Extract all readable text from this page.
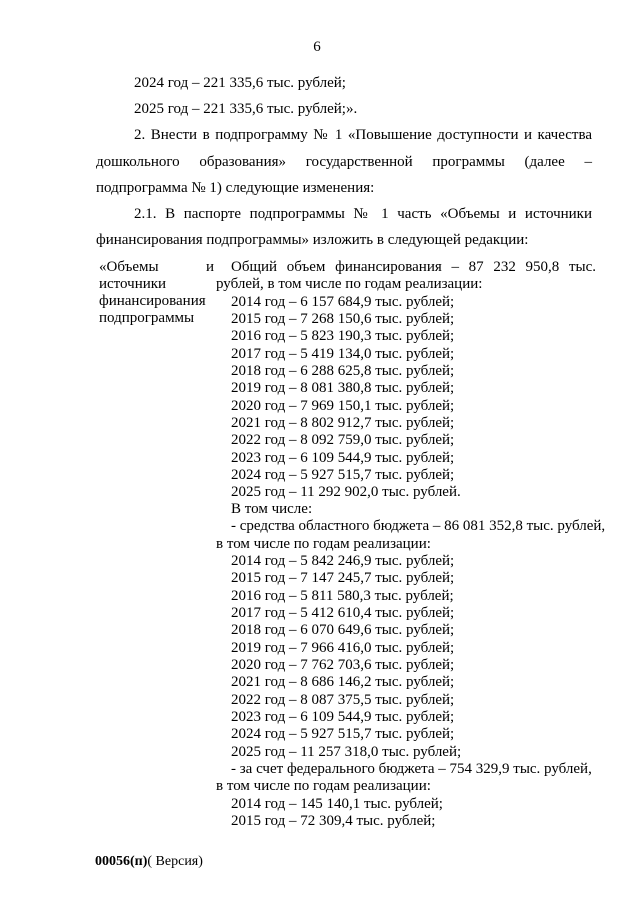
6
2024 год – 221 335,6 тыс. рублей;
2025 год – 221 335,6 тыс. рублей;».
2. Внести в подпрограмму № 1 «Повышение доступности и качества
дошкольного образования» государственной программы (далее –
подпрограмма № 1) следующие изменения:
2.1. В паспорте подпрограммы № 1 часть «Объемы и источники
финансирования подпрограммы» изложить в следующей редакции:
«Объемы	и
источники
финансирования
подпрограммы
Общий объем финансирования – 87 232 950,8 тыс.
рублей, в том числе по годам реализации:
2014 год – 6 157 684,9 тыс. рублей;
2015 год – 7 268 150,6 тыс. рублей;
2016 год – 5 823 190,3 тыс. рублей;
2017 год – 5 419 134,0 тыс. рублей;
2018 год – 6 288 625,8 тыс. рублей;
2019 год – 8 081 380,8 тыс. рублей;
2020 год – 7 969 150,1 тыс. рублей;
2021 год – 8 802 912,7 тыс. рублей;
2022 год – 8 092 759,0 тыс. рублей;
2023 год – 6 109 544,9 тыс. рублей;
2024 год – 5 927 515,7 тыс. рублей;
2025 год – 11 292 902,0 тыс. рублей.
В том числе:
- средства областного бюджета – 86 081 352,8 тыс. рублей,
в том числе по годам реализации:
2014 год – 5 842 246,9 тыс. рублей;
2015 год – 7 147 245,7 тыс. рублей;
2016 год – 5 811 580,3 тыс. рублей;
2017 год – 5 412 610,4 тыс. рублей;
2018 год – 6 070 649,6 тыс. рублей;
2019 год – 7 966 416,0 тыс. рублей;
2020 год – 7 762 703,6 тыс. рублей;
2021 год – 8 686 146,2 тыс. рублей;
2022 год – 8 087 375,5 тыс. рублей;
2023 год – 6 109 544,9 тыс. рублей;
2024 год – 5 927 515,7 тыс. рублей;
2025 год – 11 257 318,0 тыс. рублей;
- за счет федерального бюджета – 754 329,9 тыс. рублей,
в том числе по годам реализации:
2014 год – 145 140,1 тыс. рублей;
2015 год – 72 309,4 тыс. рублей;
00056(п)( Версия)
